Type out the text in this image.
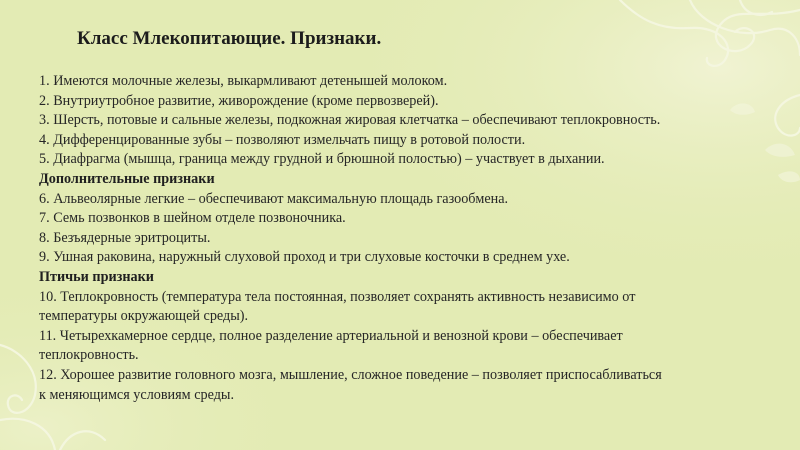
Класс Млекопитающие. Признаки.

1. Имеются молочные железы, выкармливают детенышей молоком.

2. Внутриутробное развитие, живорождение (кроме первозверей).

3. Шерсть, потовые и сальные железы, подкожная жировая клетчатка – обеспечивают теплокровность.

4. Дифференцированные зубы – позволяют измельчать пищу в ротовой полости.

5. Диафрагма (мышца, граница между грудной и брюшной полостью) – участвует в дыхании.

Дополнительные признаки

6. Альвеолярные легкие – обеспечивают максимальную площадь газообмена.

7. Семь позвонков в шейном отделе позвоночника.

8. Безъядерные эритроциты.

9. Ушная раковина, наружный слуховой проход и три слуховые косточки в среднем ухе.

Птичьи признаки

10. Теплокровность (температура тела постоянная, позволяет сохранять активность независимо от

температуры окружающей среды).

11. Четырехкамерное сердце, полное разделение артериальной и венозной крови – обеспечивает

теплокровность.

12. Хорошее развитие головного мозга, мышление, сложное поведение – позволяет приспосабливаться

к меняющимся условиям среды.
